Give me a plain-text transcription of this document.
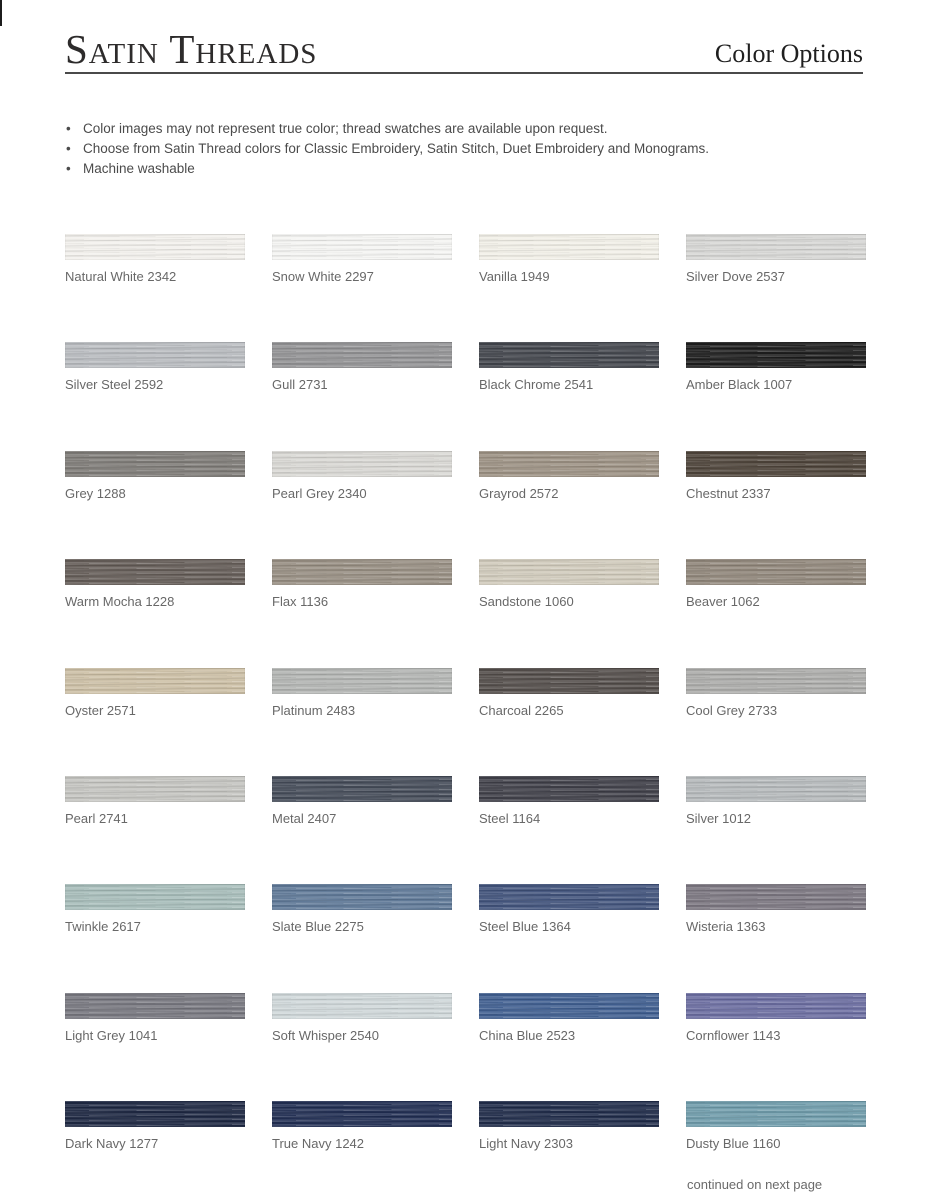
Satin Threads	Color Options
• Color images may not represent true color; thread swatches are available upon request.
• Choose from Satin Thread colors for Classic Embroidery, Satin Stitch, Duet Embroidery and Monograms.
• Machine washable
Natural White 2342	Snow White 2297	Vanilla 1949	Silver Dove 2537
Silver Steel 2592	Gull 2731	Black Chrome 2541	Amber Black 1007
Grey 1288	Pearl Grey 2340	Grayrod 2572	Chestnut 2337
Warm Mocha 1228	Flax 1136	Sandstone 1060	Beaver 1062
Oyster 2571	Platinum 2483	Charcoal 2265	Cool Grey 2733
Pearl 2741	Metal 2407	Steel 1164	Silver 1012
Twinkle 2617	Slate Blue 2275	Steel Blue 1364	Wisteria 1363
Light Grey 1041	Soft Whisper 2540	China Blue 2523	Cornflower 1143
Dark Navy 1277	True Navy 1242	Light Navy 2303	Dusty Blue 1160
continued on next page
